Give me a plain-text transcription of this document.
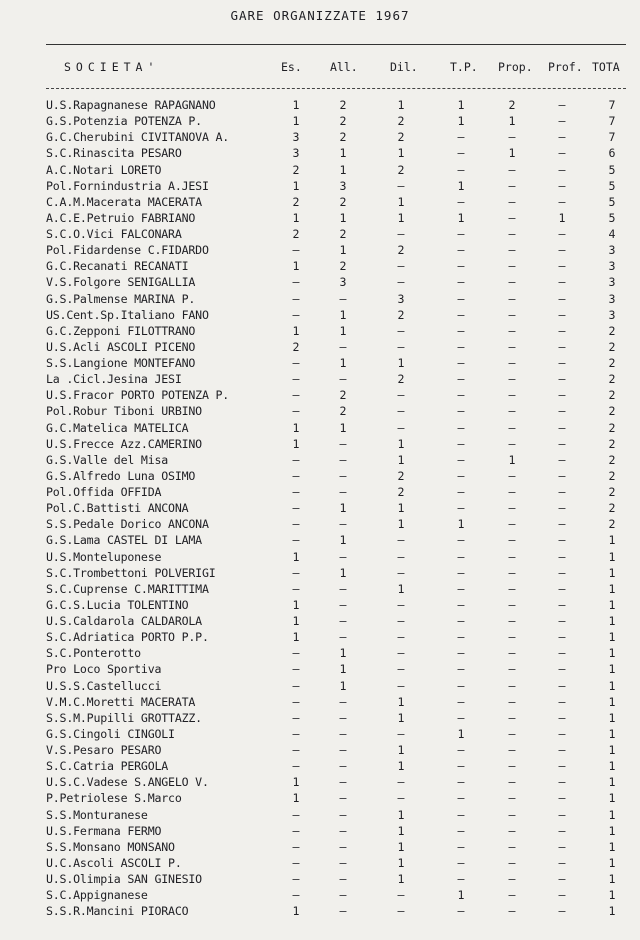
GARE ORGANIZZATE 1967
SOCIETA'	Es. All.	Dil.	T.P. Prop. Prof. TOTA
U.S.Rapagnanese RAPAGNANO	1	2	1	1	2	–	7
G.S.Potenzia POTENZA P.	1	2	2	1	1	–	7
G.C.Cherubini CIVITANOVA A.	3	2	2	–	–	–	7
S.C.Rinascita PESARO	3	1	1	–	1	–	6
A.C.Notari LORETO	2	1	2	–	–	–	5
Pol.Fornindustria A.JESI	1	3	–	1	–	–	5
C.A.M.Macerata MACERATA	2	2	1	–	–	–	5
A.C.E.Petruio FABRIANO	1	1	1	1	–	1	5
S.C.O.Vici FALCONARA	2	2	–	–	–	–	4
Pol.Fidardense C.FIDARDO	–	1	2	–	–	–	3
G.C.Recanati RECANATI	1	2	–	–	–	–	3
V.S.Folgore SENIGALLIA	–	3	–	–	–	–	3
G.S.Palmense MARINA P.	–	–	3	–	–	–	3
US.Cent.Sp.Italiano FANO	–	1	2	–	–	–	3
G.C.Zepponi FILOTTRANO	1	1	–	–	–	–	2
U.S.Acli ASCOLI PICENO	2	–	–	–	–	–	2
S.S.Langione MONTEFANO	–	1	1	–	–	–	2
La .Cicl.Jesina JESI	–	–	2	–	–	–	2
U.S.Fracor PORTO POTENZA P.	–	2	–	–	–	–	2
Pol.Robur Tiboni URBINO	–	2	–	–	–	–	2
G.C.Matelica MATELICA	1	1	–	–	–	–	2
U.S.Frecce Azz.CAMERINO	1	–	1	–	–	–	2
G.S.Valle del Misa	–	–	1	–	1	–	2
G.S.Alfredo Luna OSIMO	–	–	2	–	–	–	2
Pol.Offida OFFIDA	–	–	2	–	–	–	2
Pol.C.Battisti ANCONA	–	1	1	–	–	–	2
S.S.Pedale Dorico ANCONA	–	–	1	1	–	–	2
G.S.Lama CASTEL DI LAMA	–	1	–	–	–	–	1
U.S.Monteluponese	1	–	–	–	–	–	1
S.C.Trombettoni POLVERIGI	–	1	–	–	–	–	1
S.C.Cuprense C.MARITTIMA	–	–	1	–	–	–	1
G.C.S.Lucia TOLENTINO	1	–	–	–	–	–	1
U.S.Caldarola CALDAROLA	1	–	–	–	–	–	1
S.C.Adriatica PORTO P.P.	1	–	–	–	–	–	1
S.C.Ponterotto	–	1	–	–	–	–	1
Pro Loco Sportiva	–	1	–	–	–	–	1
U.S.S.Castellucci	–	1	–	–	–	–	1
V.M.C.Moretti MACERATA	–	–	1	–	–	–	1
S.S.M.Pupilli GROTTAZZ.	–	–	1	–	–	–	1
G.S.Cingoli CINGOLI	–	–	–	1	–	–	1
V.S.Pesaro PESARO	–	–	1	–	–	–	1
S.C.Catria PERGOLA	–	–	1	–	–	–	1
U.S.C.Vadese S.ANGELO V.	1	–	–	–	–	–	1
P.Petriolese S.Marco	1	–	–	–	–	–	1
S.S.Monturanese	–	–	1	–	–	–	1
U.S.Fermana FERMO	–	–	1	–	–	–	1
S.S.Monsano MONSANO	–	–	1	–	–	–	1
U.C.Ascoli ASCOLI P.	–	–	1	–	–	–	1
U.S.Olimpia SAN GINESIO	–	–	1	–	–	–	1
S.C.Appignanese	–	–	–	1	–	–	1
S.S.R.Mancini PIORACO	1	–	–	–	–	–	1
